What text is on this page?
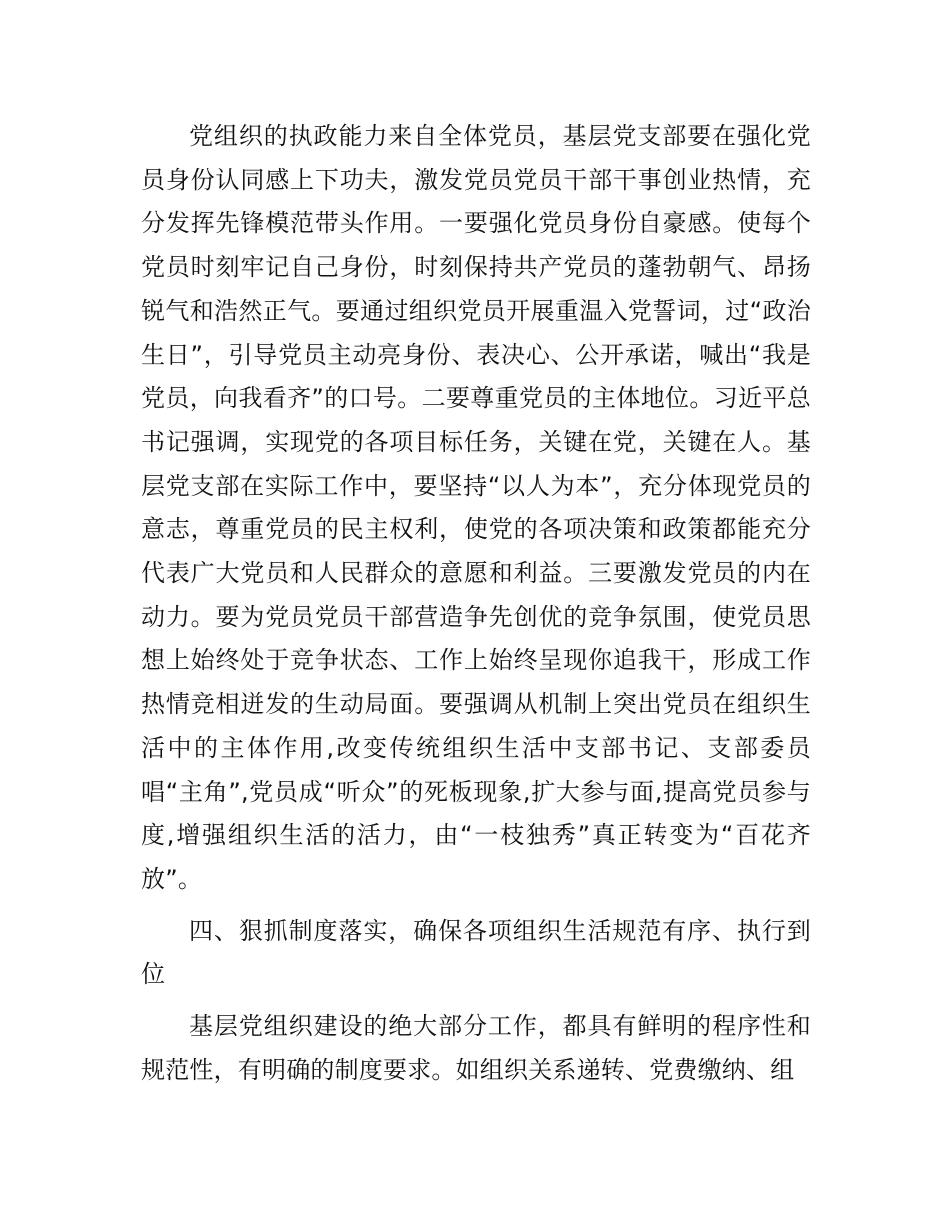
党组织的执政能力来自全体党员，基层党支部要在强化党员身份认同感上下功夫，激发党员党员干部干事创业热情，充分发挥先锋模范带头作用。一要强化党员身份自豪感。使每个党员时刻牢记自己身份，时刻保持共产党员的蓬勃朝气、昂扬锐气和浩然正气。要通过组织党员开展重温入党誓词，过“政治生日”，引导党员主动亮身份、表决心、公开承诺，喊出“我是党员，向我看齐”的口号。二要尊重党员的主体地位。习近平总书记强调，实现党的各项目标任务，关键在党，关键在人。基层党支部在实际工作中，要坚持“以人为本”，充分体现党员的意志，尊重党员的民主权利，使党的各项决策和政策都能充分代表广大党员和人民群众的意愿和利益。三要激发党员的内在动力。要为党员党员干部营造争先创优的竞争氛围，使党员思想上始终处于竞争状态、工作上始终呈现你追我干，形成工作热情竞相迸发的生动局面。要强调从机制上突出党员在组织生活中的主体作用,改变传统组织生活中支部书记、支部委员唱“主角”,党员成“听众”的死板现象,扩大参与面,提高党员参与度,增强组织生活的活力，由“一枝独秀”真正转变为“百花齐放”。

四、狠抓制度落实，确保各项组织生活规范有序、执行到位

基层党组织建设的绝大部分工作，都具有鲜明的程序性和规范性，有明确的制度要求。如组织关系递转、党费缴纳、组
